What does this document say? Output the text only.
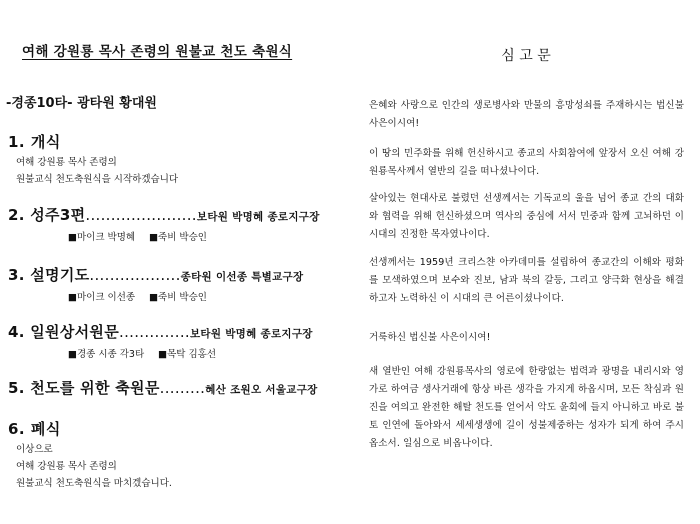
여해 강원룡 목사 존령의 원불교 천도 축원식
-경종10타- 광타원 황대원
1. 개식
여해 강원룡 목사 존령의
원불교식 천도축원식을 시작하겠습니다
2. 성주3편......................보타원 박명혜 종로지구장
■마이크 박명혜 ■죽비 박승인
3. 설명기도..................종타원 이선종 특별교구장
■마이크 이선종 ■죽비 박승인
4. 일원상서원문..............보타원 박명혜 종로지구장
■경종 시종 각3타 ■목탁 김홍선
5. 천도를 위한 축원문.........혜산 조원오 서울교구장
6. 폐식
이상으로
여해 강원룡 목사 존령의
원불교식 천도축원식을 마치겠습니다.
심 고 문
은혜와 사랑으로 인간의 생로병사와 만물의 흥망성쇠를 주재하시는 법신불 사은이시여!
이 땅의 민주화를 위해 헌신하시고 종교의 사회참여에 앞장서 오신 여해 강원룡목사께서 열반의 길을 떠나셨나이다.
살아있는 현대사로 불렸던 선생께서는 기독교의 울을 넘어 종교 간의 대화와 협력을 위해 헌신하셨으며 역사의 중심에 서서 민중과 함께 고뇌하던 이 시대의 진정한 목자였나이다.
선생께서는 1959년 크리스챤 아카데미를 설립하여 종교간의 이해와 평화를 모색하였으며 보수와 진보, 남과 북의 갈등, 그리고 양극화 현상을 해결하고자 노력하신 이 시대의 큰 어른이셨나이다.
거룩하신 법신불 사은이시여!
새 열반인 여해 강원룡목사의 영로에 한량없는 법력과 광명을 내리시와 영가로 하여금 생사거래에 항상 바른 생각을 가지게 하옵시며, 모든 착심과 원진을 여의고 완전한 해탈 천도를 얻어서 악도 윤회에 들지 아니하고 바로 불토 인연에 돌아와서 세세생생에 길이 성불제중하는 성자가 되게 하여 주시옵소서. 일심으로 비옵나이다.
